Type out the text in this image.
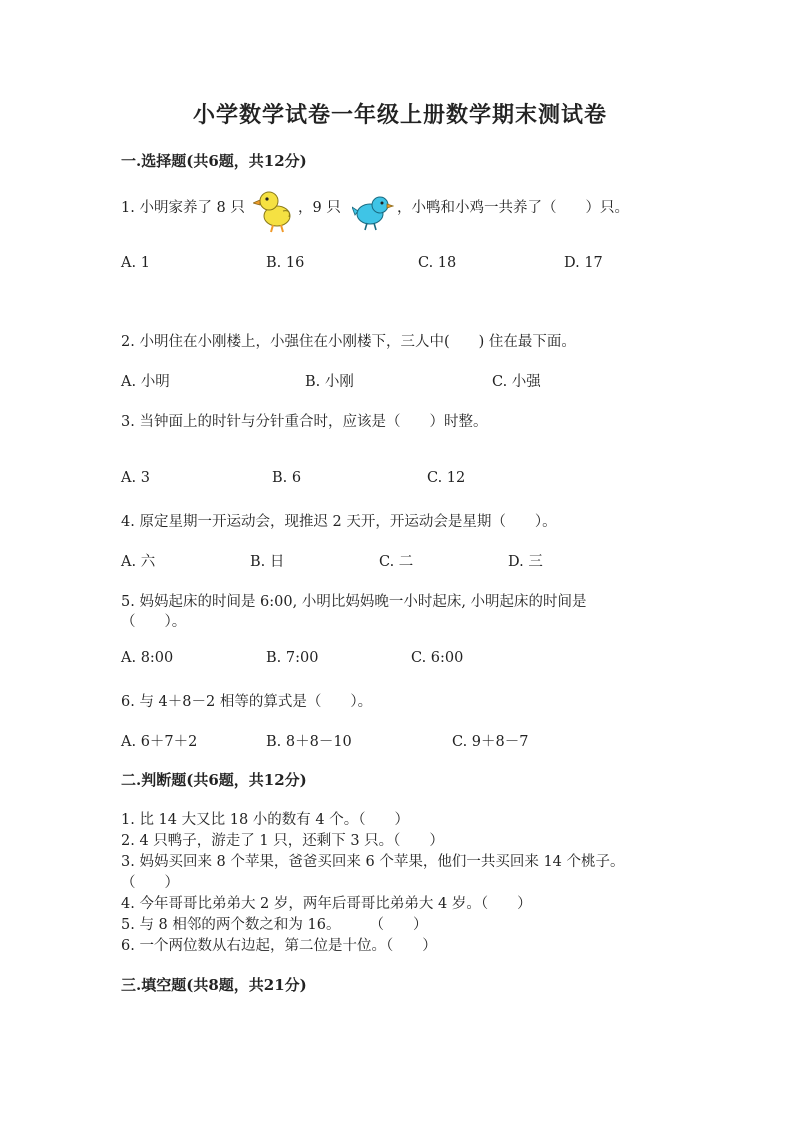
小学数学试卷一年级上册数学期末测试卷
一.选择题(共6题，共12分)
1. 小明家养了 8 只	，9 只	，小鸭和小鸡一共养了（　　）只。
A. 1	B. 16	C. 18	D. 17
2. 小明住在小刚楼上，小强住在小刚楼下，三人中(　　) 住在最下面。
A. 小明	B. 小刚	C. 小强
3. 当钟面上的时针与分针重合时，应该是（　　）时整。
A. 3	B. 6	C. 12
4. 原定星期一开运动会，现推迟 2 天开，开运动会是星期（　　）。
A. 六	B. 日	C. 二	D. 三
5. 妈妈起床的时间是 6:00, 小明比妈妈晚一小时起床, 小明起床的时间是
（　　）。
A. 8:00	B. 7:00	C. 6:00
6. 与 4＋8－2 相等的算式是（　　）。
A. 6＋7＋2	B. 8＋8－10	C. 9＋8－7
二.判断题(共6题，共12分)
1. 比 14 大又比 18 小的数有 4 个。（　　）
2. 4 只鸭子，游走了 1 只，还剩下 3 只。（　　）
3. 妈妈买回来 8 个苹果，爸爸买回来 6 个苹果，他们一共买回来 14 个桃子。
（　　）
4. 今年哥哥比弟弟大 2 岁，两年后哥哥比弟弟大 4 岁。（　　）
5. 与 8 相邻的两个数之和为 16。　　　（　　）
6. 一个两位数从右边起，第二位是十位。（　　）
三.填空题(共8题，共21分)
